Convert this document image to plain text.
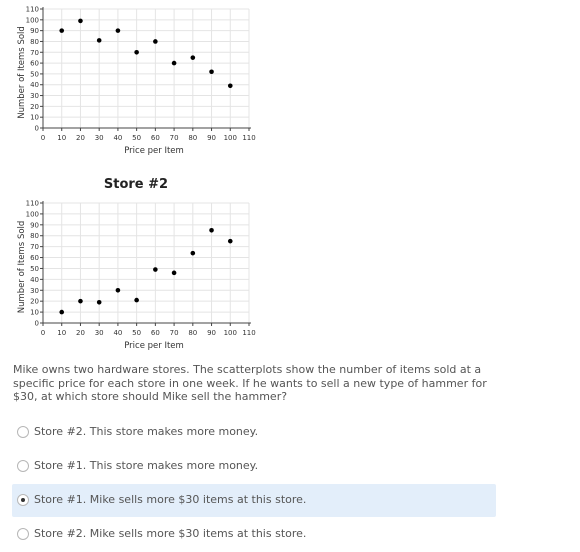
0 10 20 30 40 50 60 70 80 90 100 110
0
10
20
30
40
50
60
70
80
90
100
110
Price per Item
Number of Items Sold
Store #2
0 10 20 30 40 50 60 70 80 90 100 110
0
10
20
30
40
50
60
70
80
90
100
110
Price per Item
Number of Items Sold
Mike owns two hardware stores. The scatterplots show the number of items sold at a specific price for each store in one week. If he wants to sell a new type of hammer for $30, at which store should Mike sell the hammer?
Store #2. This store makes more money.
Store #1. This store makes more money.
Store #1. Mike sells more $30 items at this store.
Store #2. Mike sells more $30 items at this store.
